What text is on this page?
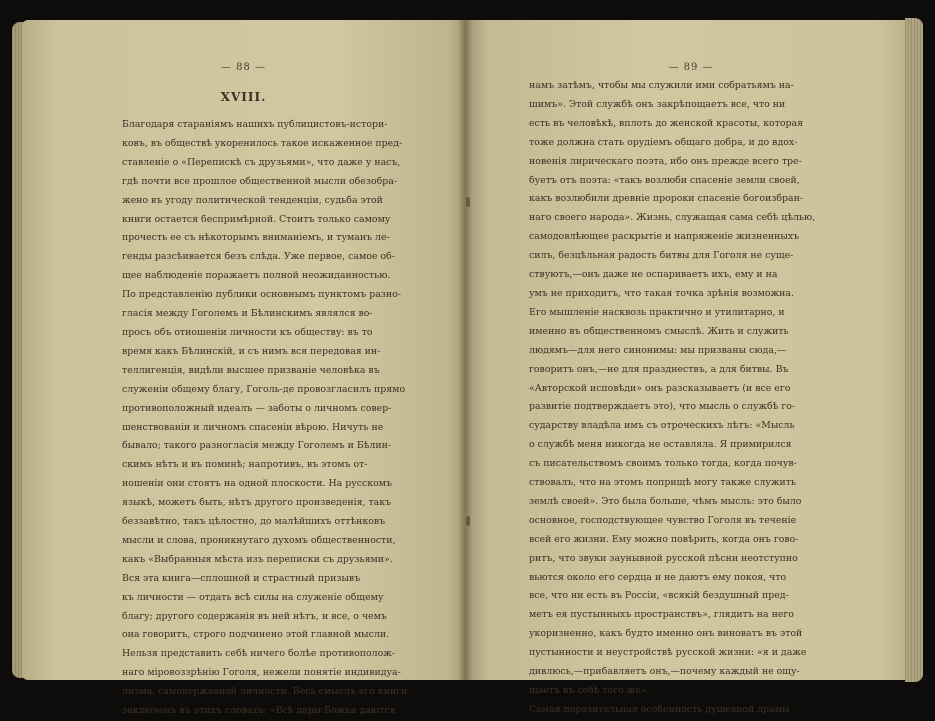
— 88 —
XVIII.
Благодаря стараніямъ нашихъ публицистовъ-истори-
ковъ, въ обществѣ укоренилось такое искаженное пред-
ставленіе о «Перепискѣ съ друзьями», что даже у насъ,
гдѣ почти все прошлое общественной мысли обезобра-
жено въ угоду политической тенденціи, судьба этой
книги остается беспримѣрной. Стоитъ только самому
прочесть ее съ нѣкоторымъ вниманіемъ, и туманъ ле-
генды разсѣивается безъ слѣда. Уже первое, самое об-
щее наблюденіе поражаетъ полной неожиданностью.
По представленію публики основнымъ пунктомъ разно-
гласія между Гоголемъ и Бѣлинскимъ являлся во-
просъ объ отношеніи личности къ обществу: въ то
время какъ Бѣлинскій, и съ нимъ вся передовая ин-
теллигенція, видѣли высшее призваніе человѣка въ
служеніи общему благу, Гоголь-де провозгласилъ прямо
противоположный идеалъ — заботы о личномъ совер-
шенствованіи и личномъ спасеніи вѣрою. Ничуть не
бывало; такого разногласія между Гоголемъ и Бѣлин-
скимъ нѣтъ и въ поминѣ; напротивъ, въ этомъ от-
ношеніи они стоятъ на одной плоскости. На русскомъ
языкѣ, можетъ быть, нѣтъ другого произведенія, такъ
беззавѣтно, такъ цѣлостно, до малѣйшихъ оттѣнковъ
мысли и слова, проникнутаго духомъ общественности,
какъ «Выбранныя мѣста изъ переписки съ друзьями».
Вся эта книга—сплошной и страстный призывъ
къ личности — отдать всѣ силы на служеніе общему
благу; другого содержанія въ ней нѣтъ, и все, о чемъ
она говоритъ, строго подчинено этой главной мысли.
Нельзя представить себѣ ничего болѣе противополож-
наго міровоззрѣнію Гоголя, нежели понятіе индивидуа-
лизма, самодержавной личности. Весь смыслъ его книги
заключенъ въ этихъ словахъ: «Всѣ дары Божьи даются
— 89 —
намъ затѣмъ, чтобы мы служили ими собратьямъ на-
шимъ». Этой службѣ онъ закрѣпощаетъ все, что ни
есть въ человѣкѣ, вплоть до женской красоты, которая
тоже должна стать орудіемъ общаго добра, и до вдох-
новенія лирическаго поэта, ибо онъ прежде всего тре-
буетъ отъ поэта: «такъ возлюби спасеніе земли своей,
какъ возлюбили древніе пророки спасеніе богоизбран-
наго своего народа». Жизнь, служащая сама себѣ цѣлью,
самодовлѣющее раскрытіе и напряженіе жизненныхъ
силъ, безцѣльная радость битвы для Гоголя не суще-
ствуютъ,—онъ даже не оспариваетъ ихъ, ему и на
умъ не приходитъ, что такая точка зрѣнія возможна.
Его мышленіе насквозь практично и утилитарно, и
именно въ общественномъ смыслѣ. Жить и служить
людямъ—для него синонимы: мы призваны сюда,—
говоритъ онъ,—не для празднествъ, а для битвы. Въ
«Авторской исповѣди» онъ разсказываетъ (и все его
развитіе подтверждаетъ это), что мысль о службѣ го-
сударству владѣла имъ съ отроческихъ лѣтъ: «Мысль
о службѣ меня никогда не оставляла. Я примирился
съ писательствомъ своимъ только тогда, когда почув-
ствовалъ, что на этомъ поприщѣ могу также служить
землѣ своей». Это была больше, чѣмъ мысль: это было
основное, господствующее чувство Гоголя въ теченіе
всей его жизни. Ему можно повѣрить, когда онъ гово-
ритъ, что звуки заунывной русской пѣсни неотступно
вьются около его сердца и не даютъ ему покоя, что
все, что ни есть въ Россіи, «всякій бездушный пред-
метъ ея пустынныхъ пространствъ», глядитъ на него
укоризненно, какъ будто именно онъ виноватъ въ этой
пустынности и неустройствѣ русской жизни: «я и даже
дивлюсь,—прибавляетъ онъ,—почему каждый не ощу-
щаетъ въ себѣ того же».
Самая поразительная особенность душевной драмы
